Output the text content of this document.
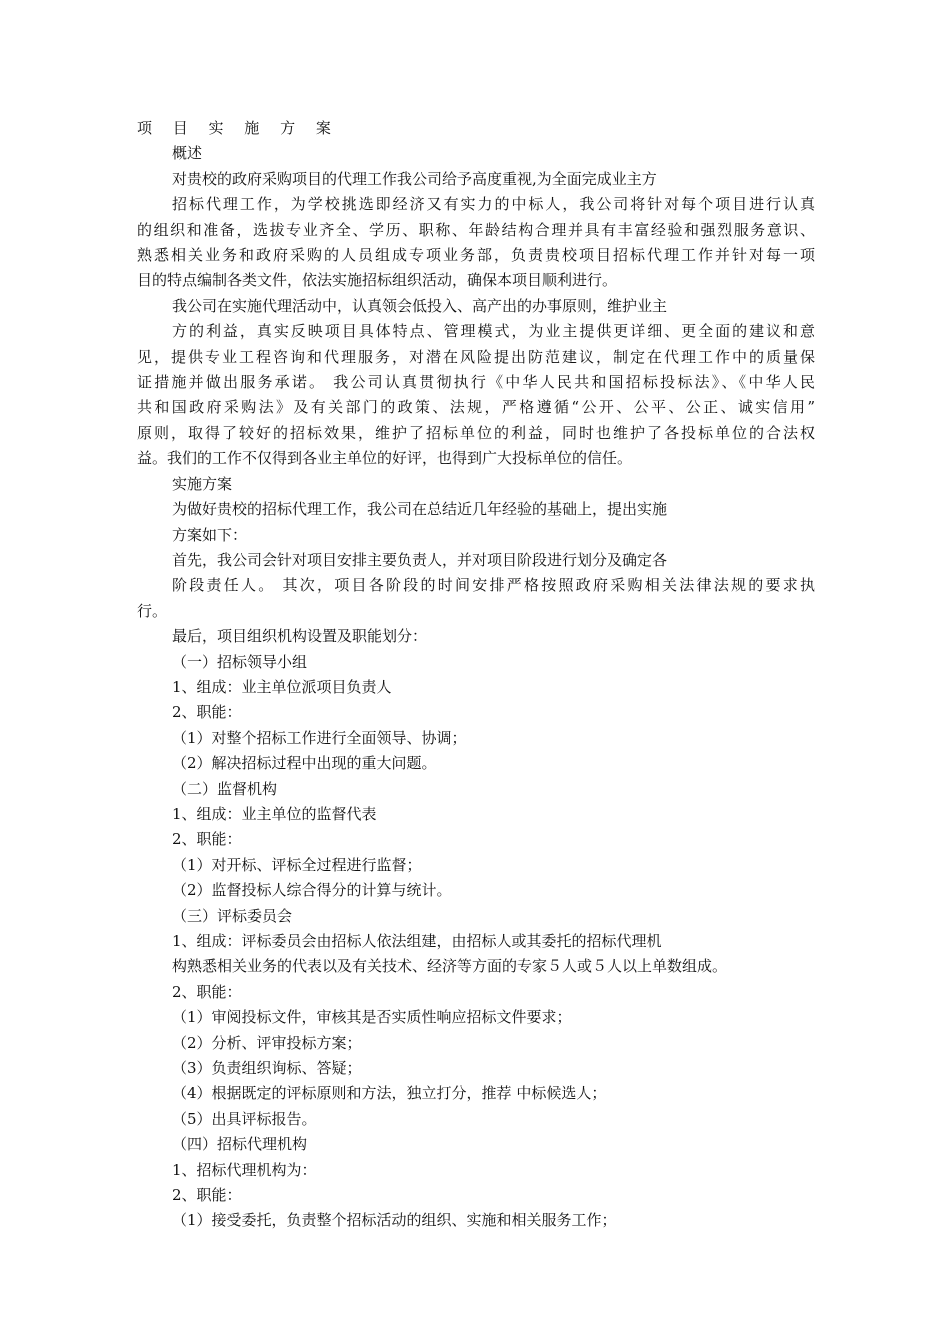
项 目 实 施 方 案
概述
对贵校的政府采购项目的代理工作我公司给予高度重视,为全面完成业主方
招标代理工作，为学校挑选即经济又有实力的中标人，我公司将针对每个项目进行认真
的组织和准备，选拔专业齐全、学历、职称、年龄结构合理并具有丰富经验和强烈服务意识、
熟悉相关业务和政府采购的人员组成专项业务部，负责贵校项目招标代理工作并针对每一项
目的特点编制各类文件，依法实施招标组织活动，确保本项目顺利进行。
我公司在实施代理活动中，认真领会低投入、高产出的办事原则，维护业主
方的利益，真实反映项目具体特点、管理模式，为业主提供更详细、更全面的建议和意
见，提供专业工程咨询和代理服务，对潜在风险提出防范建议，制定在代理工作中的质量保
证措施并做出服务承诺。 我公司认真贯彻执行《中华人民共和国招标投标法》、《中华人民
共和国政府采购法》及有关部门的政策、法规，严格遵循“公开、公平、公正、诚实信用”
原则，取得了较好的招标效果，维护了招标单位的利益，同时也维护了各投标单位的合法权
益。我们的工作不仅得到各业主单位的好评，也得到广大投标单位的信任。
实施方案
为做好贵校的招标代理工作，我公司在总结近几年经验的基础上，提出实施
方案如下：
首先，我公司会针对项目安排主要负责人，并对项目阶段进行划分及确定各
阶段责任人。 其次，项目各阶段的时间安排严格按照政府采购相关法律法规的要求执
行。
最后，项目组织机构设置及职能划分：
（一）招标领导小组
1、组成：业主单位派项目负责人
2、职能：
（1）对整个招标工作进行全面领导、协调；
（2）解决招标过程中出现的重大问题。
（二）监督机构
1、组成：业主单位的监督代表
2、职能：
（1）对开标、评标全过程进行监督；
（2）监督投标人综合得分的计算与统计。
（三）评标委员会
1、组成：评标委员会由招标人依法组建，由招标人或其委托的招标代理机
构熟悉相关业务的代表以及有关技术、经济等方面的专家５人或５人以上单数组成。
2、职能：
（1）审阅投标文件，审核其是否实质性响应招标文件要求；
（2）分析、评审投标方案；
（3）负责组织询标、答疑；
（4）根据既定的评标原则和方法，独立打分，推荐 中标候选人；
（5）出具评标报告。
（四）招标代理机构
1、招标代理机构为：
2、职能：
（1）接受委托，负责整个招标活动的组织、实施和相关服务工作；
